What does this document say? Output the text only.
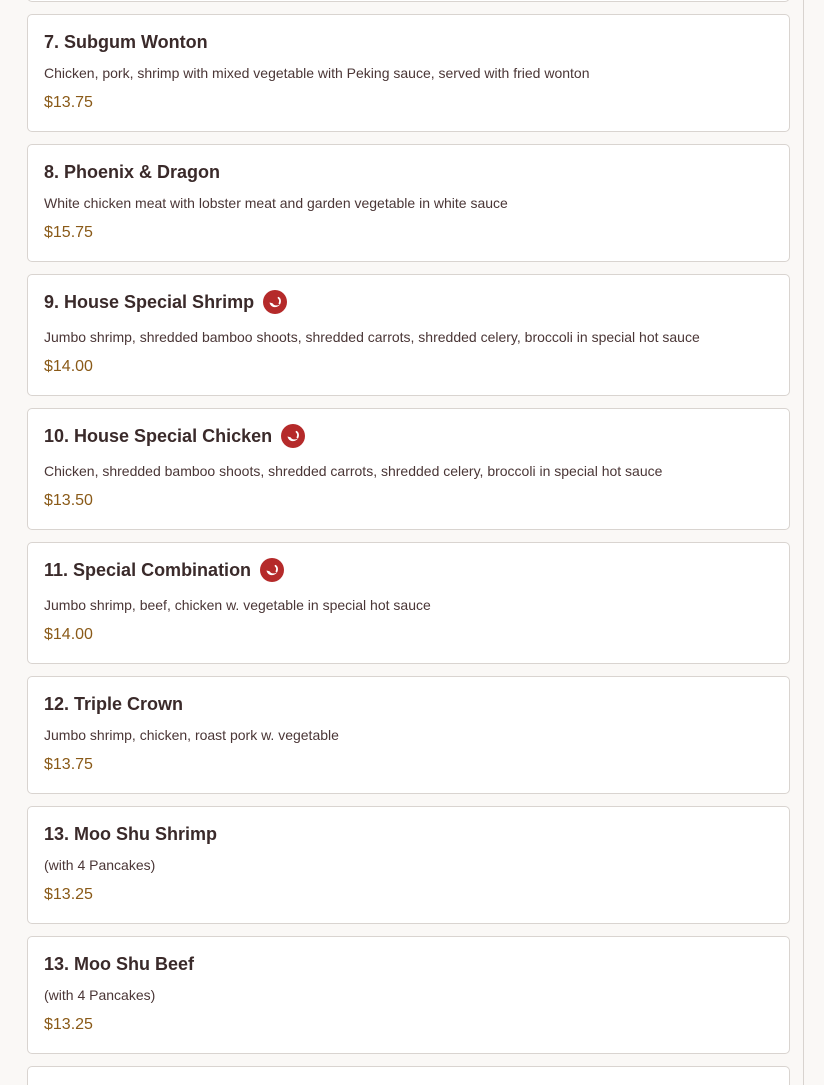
7. Subgum Wonton
Chicken, pork, shrimp with mixed vegetable with Peking sauce, served with fried wonton
$13.75
8. Phoenix & Dragon
White chicken meat with lobster meat and garden vegetable in white sauce
$15.75
9. House Special Shrimp
Jumbo shrimp, shredded bamboo shoots, shredded carrots, shredded celery, broccoli in special hot sauce
$14.00
10. House Special Chicken
Chicken, shredded bamboo shoots, shredded carrots, shredded celery, broccoli in special hot sauce
$13.50
11. Special Combination
Jumbo shrimp, beef, chicken w. vegetable in special hot sauce
$14.00
12. Triple Crown
Jumbo shrimp, chicken, roast pork w. vegetable
$13.75
13. Moo Shu Shrimp
(with 4 Pancakes)
$13.25
13. Moo Shu Beef
(with 4 Pancakes)
$13.25
